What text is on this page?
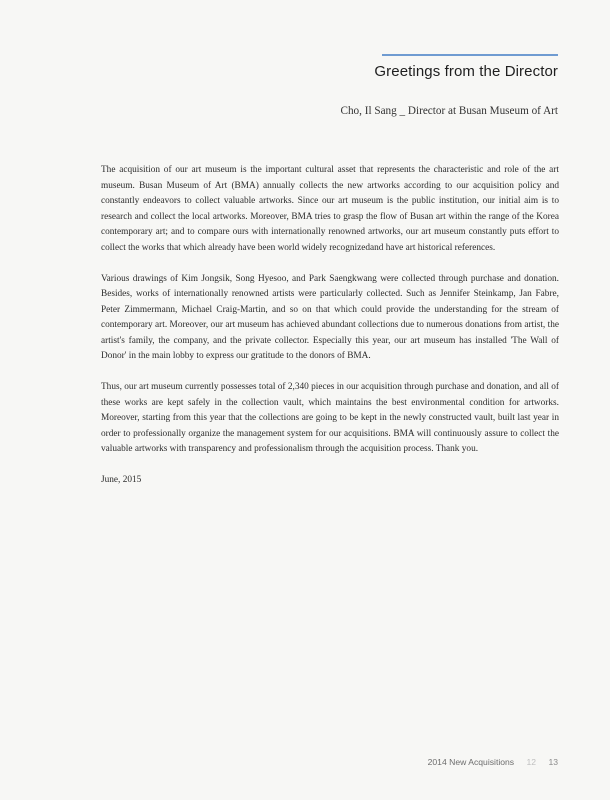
Greetings from the Director
Cho, Il Sang _ Director at Busan Museum of Art

The acquisition of our art museum is the important cultural asset that represents the characteristic and role of the art museum. Busan Museum of Art (BMA) annually collects the new artworks according to our acquisition policy and constantly endeavors to collect valuable artworks. Since our art museum is the public institution, our initial aim is to research and collect the local artworks. Moreover, BMA tries to grasp the flow of Busan art within the range of the Korea contemporary art; and to compare ours with internationally renowned artworks, our art museum constantly puts effort to collect the works that which already have been world widely recognizedand have art historical references.

Various drawings of Kim Jongsik, Song Hyesoo, and Park Saengkwang were collected through purchase and donation. Besides, works of internationally renowned artists were particularly collected. Such as Jennifer Steinkamp, Jan Fabre, Peter Zimmermann, Michael Craig-Martin, and so on that which could provide the understanding for the stream of contemporary art. Moreover, our art museum has achieved abundant collections due to numerous donations from artist, the artist's family, the company, and the private collector. Especially this year, our art museum has installed 'The Wall of Donor' in the main lobby to express our gratitude to the donors of BMA.

Thus, our art museum currently possesses total of 2,340 pieces in our acquisition through purchase and donation, and all of these works are kept safely in the collection vault, which maintains the best environmental condition for artworks. Moreover, starting from this year that the collections are going to be kept in the newly constructed vault, built last year in order to professionally organize the management system for our acquisitions. BMA will continuously assure to collect the valuable artworks with transparency and professionalism through the acquisition process. Thank you.

June, 2015

2014 New Acquisitions 12 13
